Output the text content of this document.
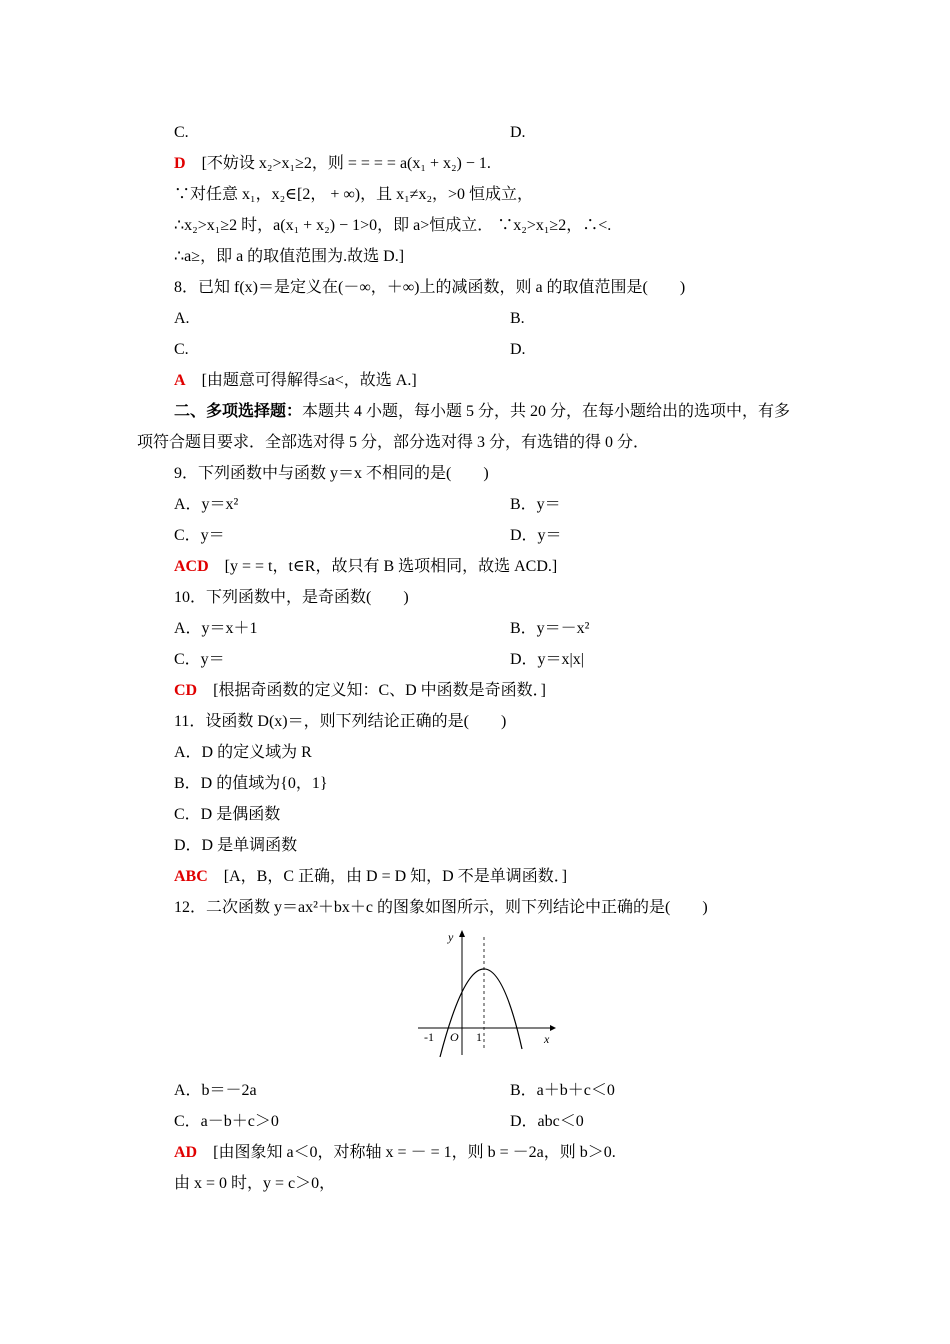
C.	D.
D  [不妨设 x₂>x₁≥2，则 = = = = a(x₁ + x₂) − 1.
∵对任意 x₁，x₂∈[2， + ∞)，且 x₁≠x₂，>0 恒成立，
∴x₂>x₁≥2 时，a(x₁ + x₂) − 1>0，即 a>恒成立． ∵x₂>x₁≥2，∴<.
∴a≥，即 a 的取值范围为.故选 D.]
8．已知 f(x)＝是定义在(－∞，＋∞)上的减函数，则 a 的取值范围是(　　)
A.	B.
C.	D.
A  [由题意可得解得≤a<，故选 A.]
二、多项选择题：本题共 4 小题，每小题 5 分，共 20 分，在每小题给出的选项中，有多
项符合题目要求．全部选对得 5 分，部分选对得 3 分，有选错的得 0 分．
9．下列函数中与函数 y＝x 不相同的是(　　)
A．y＝x²	B．y＝
C．y＝	D．y＝
ACD  [y = = t，t∈R，故只有 B 选项相同，故选 ACD.]
10．下列函数中，是奇函数(　　)
A．y＝x＋1	B．y＝－x²
C．y＝	D．y＝x|x|
CD  [根据奇函数的定义知：C、D 中函数是奇函数．]
11．设函数 D(x)＝，则下列结论正确的是(　　)
A．D 的定义域为 R
B．D 的值域为{0，1}
C．D 是偶函数
D．D 是单调函数
ABC  [A，B，C 正确，由 D = D 知，D 不是单调函数．]
12．二次函数 y＝ax²＋bx＋c 的图象如图所示，则下列结论中正确的是(　　)
A．b＝－2a	B．a＋b＋c＜0
C．a－b＋c＞0	D．abc＜0
AD  [由图象知 a＜0，对称轴 x = － = 1，则 b = －2a，则 b＞0.
由 x = 0 时，y = c＞0，
y
x
O
-1	1
